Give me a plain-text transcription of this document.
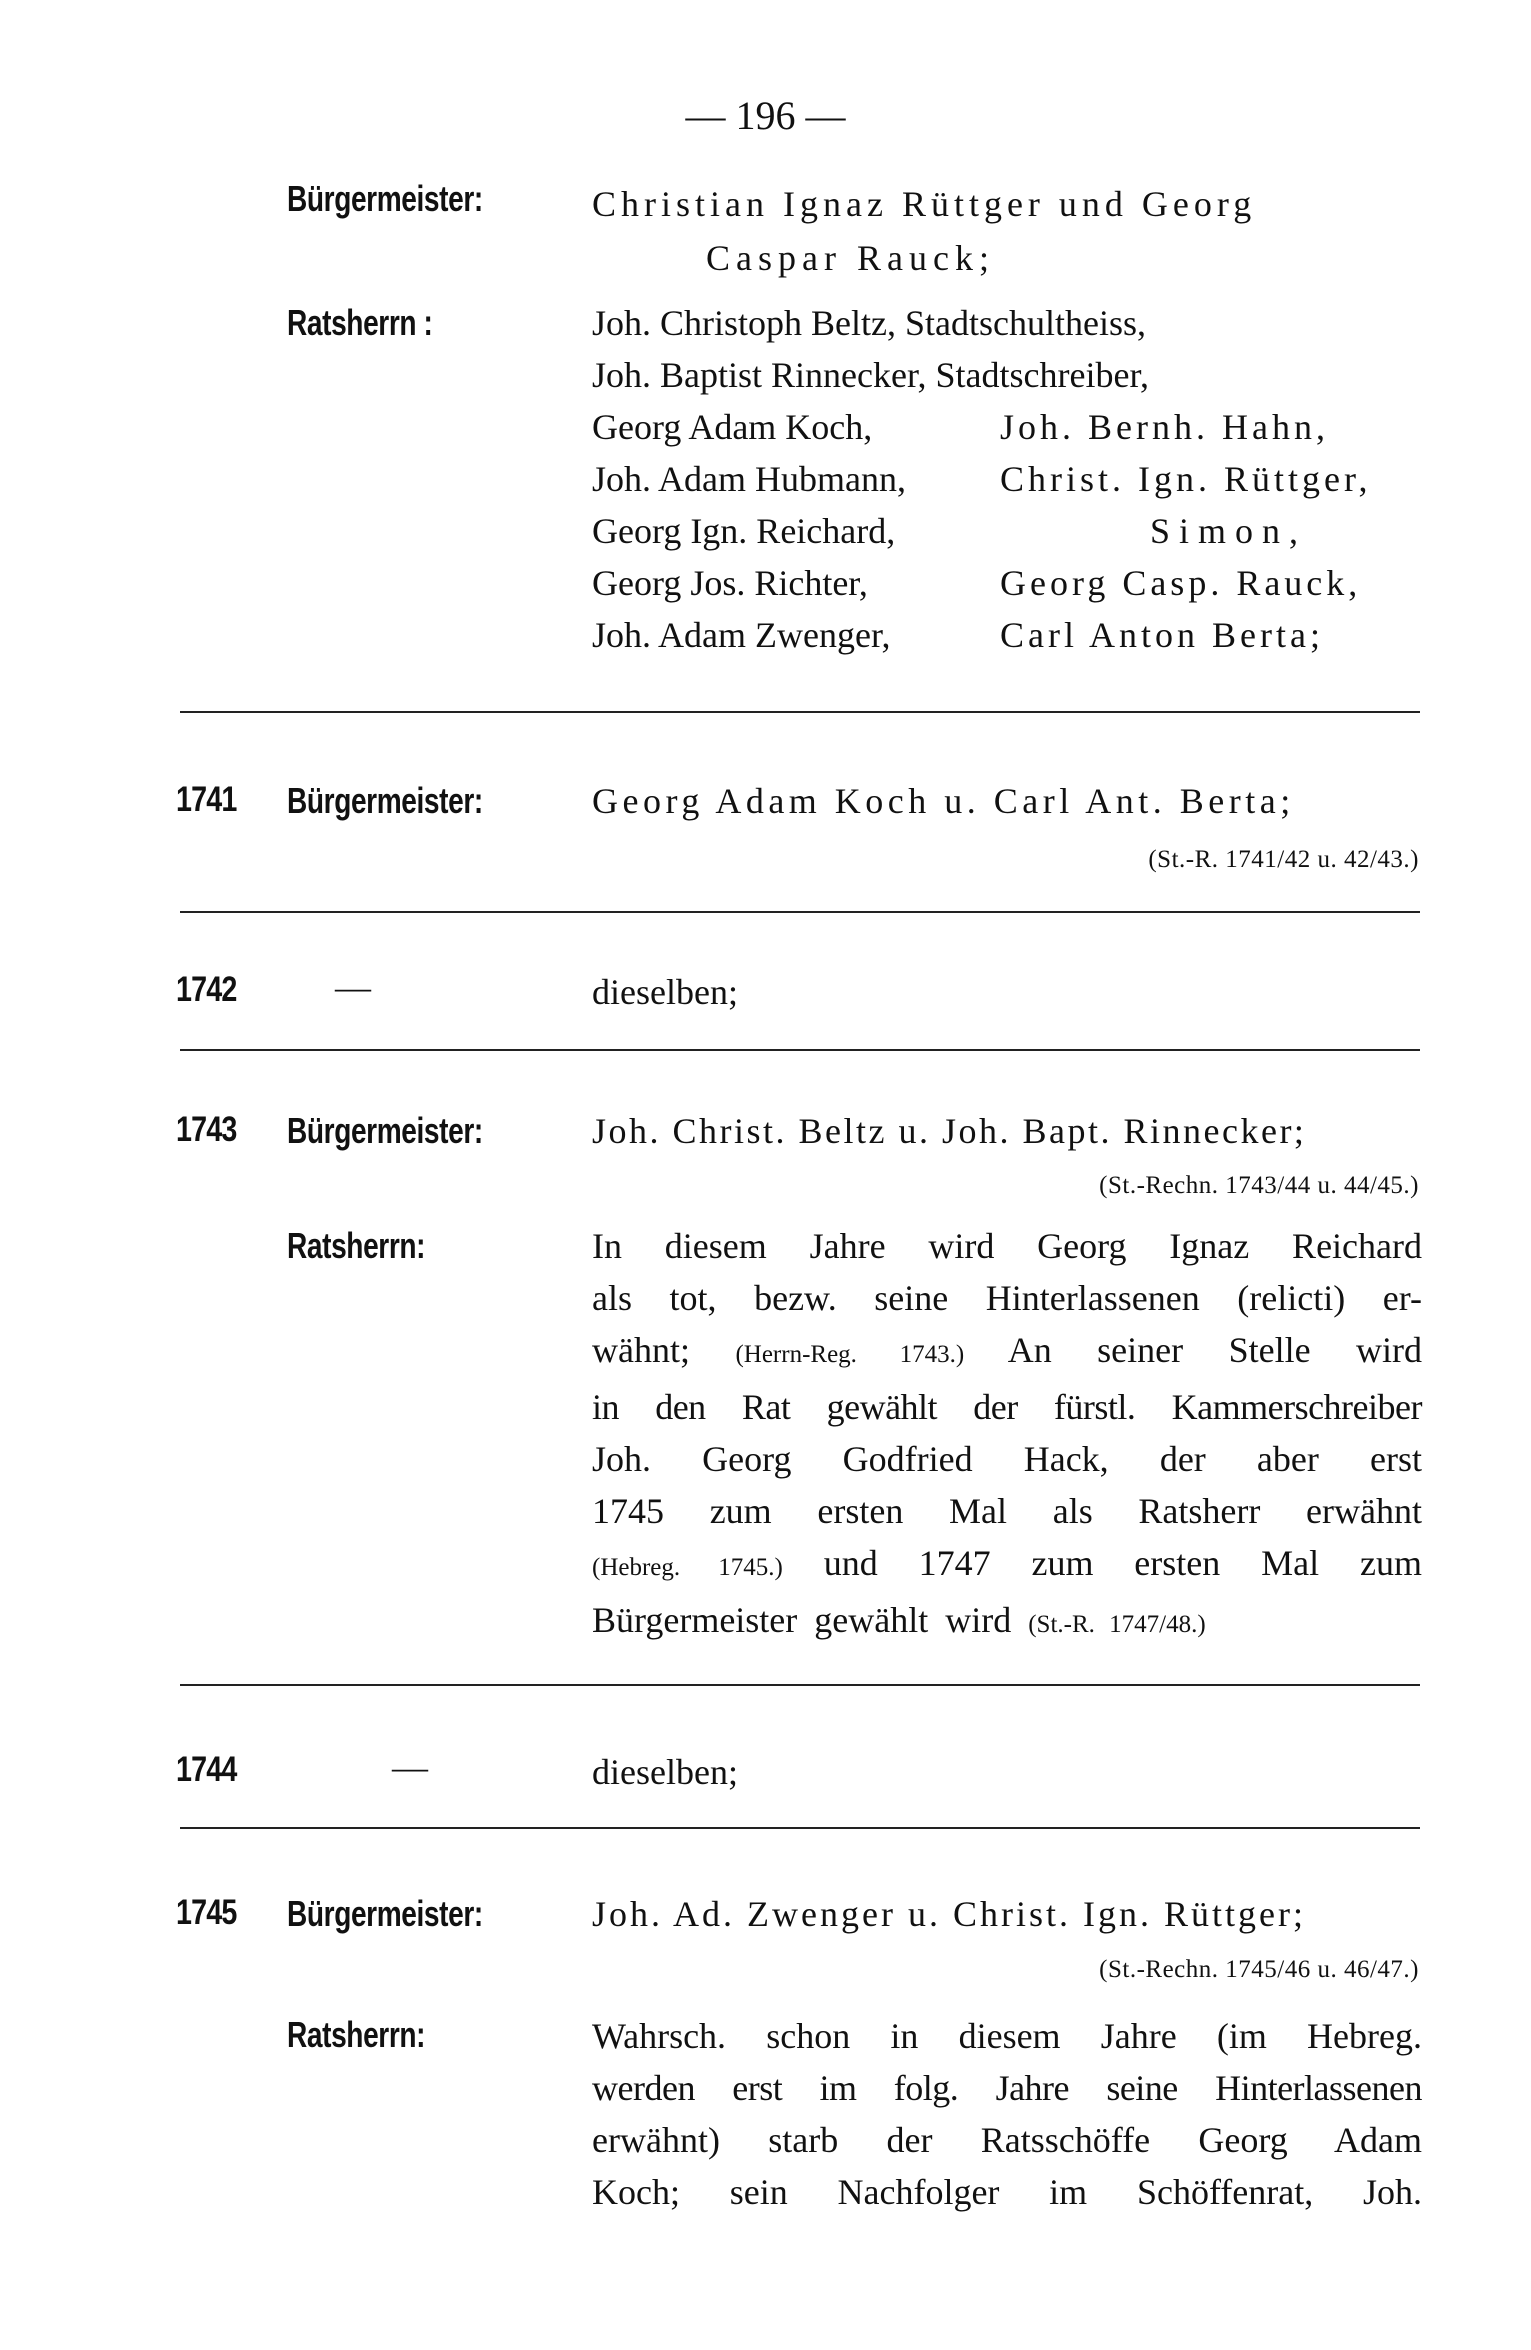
— 196 —
Bürgermeister:	Christian Ignaz Rüttger und Georg
Caspar Rauck;
Ratsherrn :	Joh. Christoph Beltz, Stadtschultheiss,
Joh. Baptist Rinnecker, Stadtschreiber,
Georg Adam Koch,	Joh. Bernh. Hahn,
Joh. Adam Hubmann,	Christ. Ign. Rüttger,
Georg Ign. Reichard,	Simon,
Georg Jos. Richter,	Georg Casp. Rauck,
Joh. Adam Zwenger,	Carl Anton Berta;
1741 Bürgermeister:	Georg Adam Koch u. Carl Ant. Berta;
(St.-R. 1741/42 u. 42/43.)
1742	—	dieselben;
1743 Bürgermeister:	Joh. Christ. Beltz u. Joh. Bapt. Rinnecker;
(St.-Rechn. 1743/44 u. 44/45.)
Ratsherrn:	In diesem Jahre wird Georg Ignaz Reichard
als tot, bezw. seine Hinterlassenen (relicti) er-
wähnt; (Herrn-Reg. 1743.) An seiner Stelle wird
in den Rat gewählt der fürstl. Kammerschreiber
Joh. Georg Godfried Hack, der aber erst
1745 zum ersten Mal als Ratsherr erwähnt
(Hebreg. 1745.) und 1747 zum ersten Mal zum
Bürgermeister gewählt wird (St.-R. 1747/48.)
1744	—	dieselben;
1745 Bürgermeister:	Joh. Ad. Zwenger u. Christ. Ign. Rüttger;
(St.-Rechn. 1745/46 u. 46/47.)
Ratsherrn:	Wahrsch. schon in diesem Jahre (im Hebreg.
werden erst im folg. Jahre seine Hinterlassenen
erwähnt) starb der Ratsschöffe Georg Adam
Koch; sein Nachfolger im Schöffenrat, Joh.
